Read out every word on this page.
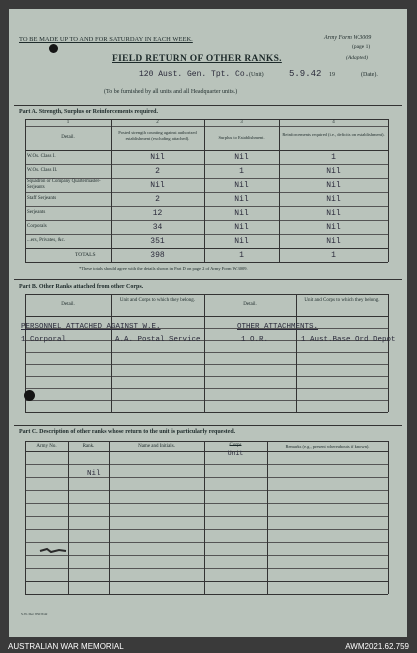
TO BE MADE UP TO AND FOR SATURDAY IN EACH WEEK.	Army Form W.3009
(page 1)
(Adapted)
FIELD RETURN OF OTHER RANKS.
120 Aust. Gen. Tpt. Co. (Unit)	5.9.42 19	(Date).
(To be furnished by all units and all Headquarter units.)
Part A. Strength, Surplus or Reinforcements required.
1	2	3	4
Detail.
Posted strength counting against authorized establishment (excluding attached).	Surplus to Establishment.
Reinforcements required (i.e., deficits on establishment).
W.Os. Class I.	Nil	Nil	1
W.Os. Class II.	2	1	Nil
Squadron or Company Quartermaster-Serjeants	Nil	Nil	Nil
Staff Serjeants	2	Nil	Nil
Serjeants	12	Nil	Nil
Corporals	34	Nil	Nil
...ers, Privates, &c.	351	Nil	Nil
TOTALS	398	1	1
*These totals should agree with the details shown in Part D on page 2 of Army Form W.3009.
Part B. Other Ranks attached from other Corps.
Detail.
Unit and Corps to which they belong.
Detail.
Unit and Corps to which they belong.
PERSONNEL ATTACHED AGAINST W.E.	OTHER ATTACHMENTS.
1 Corporal	A.A. Postal Service	1 O.R.	1 Aust.Base Ord Depot
Part C. Description of other ranks whose return to the unit is particularly requested.
Army No.	Rank.	Name and Initials.	Corps
Unit
Remarks (e.g., present whereabouts if known).
Nil
S.W. Dec 850 8/42
AUSTRALIAN WAR MEMORIAL	AWM2021.62.759
